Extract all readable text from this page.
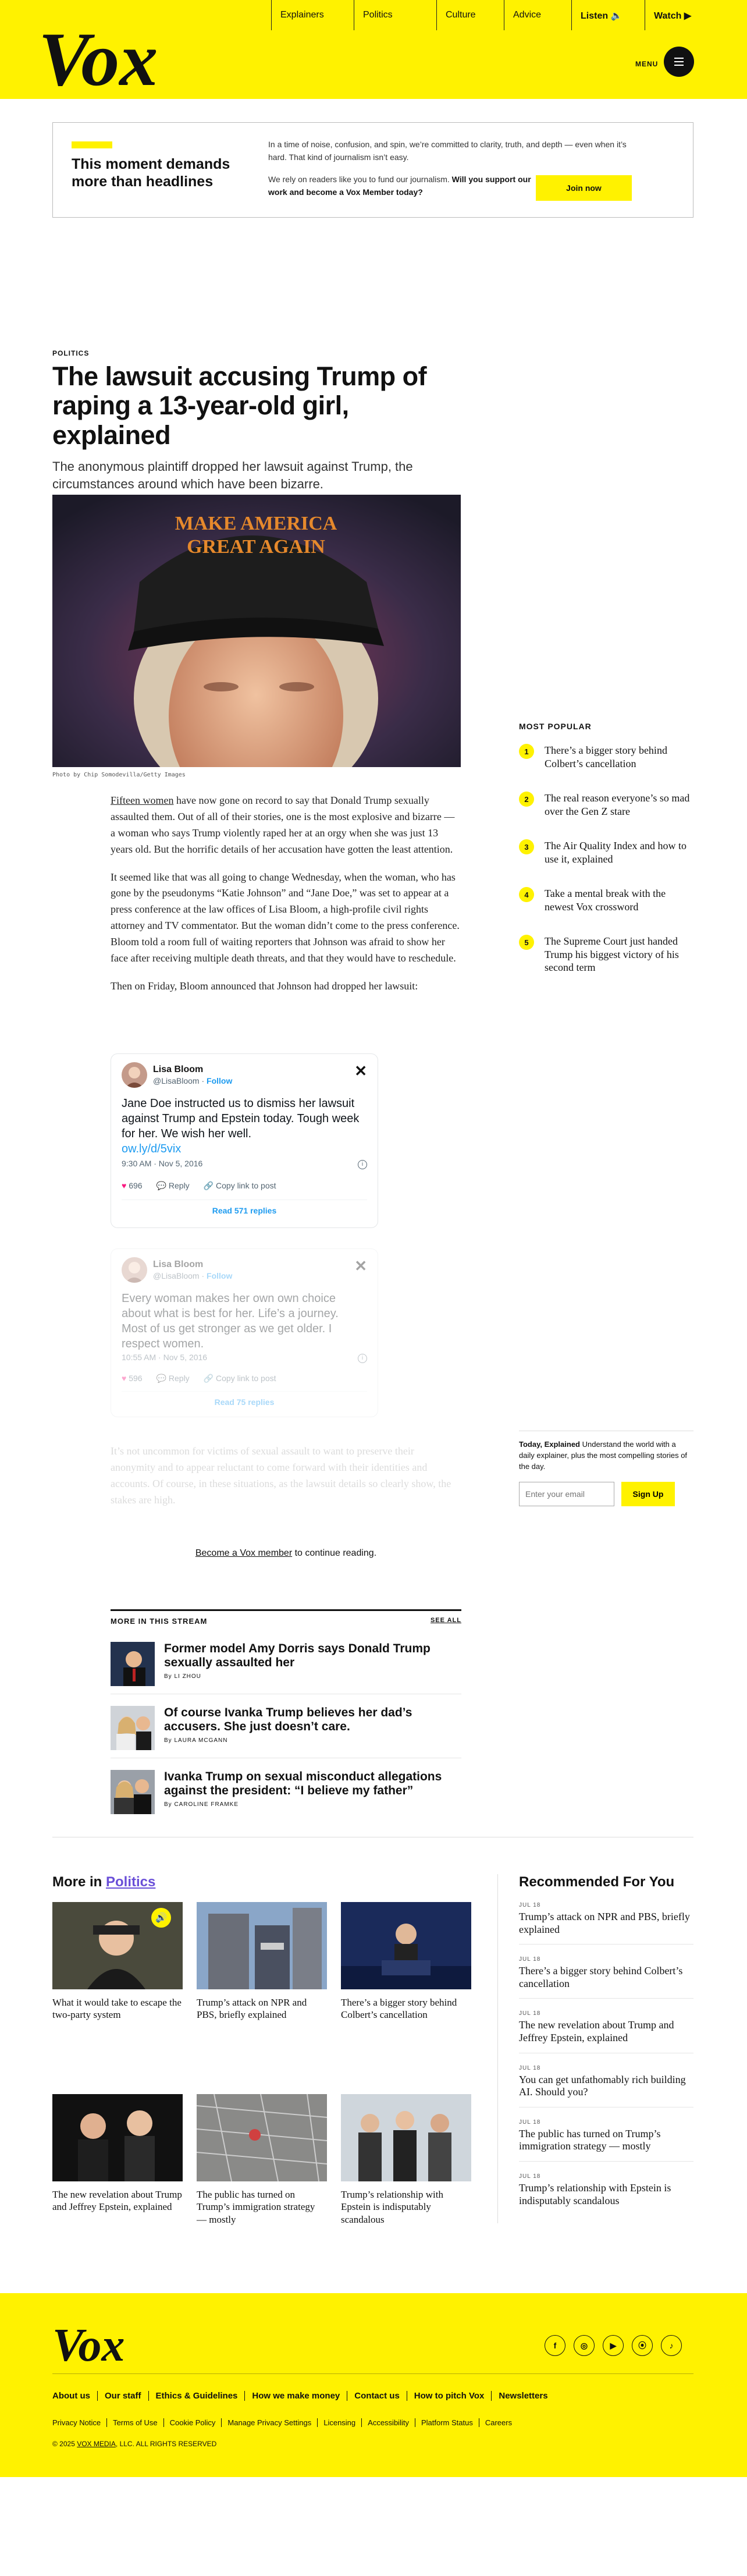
Explainers	Politics	Culture	Advice	Listen 🔈	Watch ▶
Vox	MENU
This moment demands more than headlines
In a time of noise, confusion, and spin, we’re committed to clarity, truth, and depth — even when it’s hard. That kind of journalism isn’t easy.
We rely on readers like you to fund our journalism. Will you support our work and become a Vox Member today?	Join now
POLITICS
The lawsuit accusing Trump of raping a 13-year-old girl, explained

The anonymous plaintiff dropped her lawsuit against Trump, the circumstances around which have been bizarre.

MAKE AMERICA
GREAT AGAIN
Photo by Chip Somodevilla/Getty Images

Fifteen women have now gone on record to say that Donald Trump sexually assaulted them. Out of all of their stories, one is the most explosive and bizarre — a woman who says Trump violently raped her at an orgy when she was just 13 years old. But the horrific details of her accusation have gotten the least attention.

It seemed like that was all going to change Wednesday, when the woman, who has gone by the pseudonyms “Katie Johnson” and “Jane Doe,” was set to appear at a press conference at the law offices of Lisa Bloom, a high-profile civil rights attorney and TV commentator. But the woman didn’t come to the press conference. Bloom told a room full of waiting reporters that Johnson was afraid to show her face after receiving multiple death threats, and that they would have to reschedule.

Then on Friday, Bloom announced that Johnson had dropped her lawsuit:

Lisa Bloom
@LisaBloom · Follow
✕
Jane Doe instructed us to dismiss her lawsuit against Trump and Epstein today. Tough week for her. We wish her well.
ow.ly/d/5vix
9:30 AM · Nov 5, 2016	i
♥ 696 💬 Reply 🔗 Copy link to post
Read 571 replies
Lisa Bloom
@LisaBloom · Follow
✕
Every woman makes her own own choice about what is best for her. Life’s a journey. Most of us get stronger as we get older. I respect women.
10:55 AM · Nov 5, 2016	i
♥ 596 💬 Reply 🔗 Copy link to post
Read 75 replies
It’s not uncommon for victims of sexual assault to want to preserve their anonymity and to appear reluctant to come forward with their identities and accounts. Of course, in these situations, as the lawsuit details so clearly show, the stakes are high.
Become a Vox member to continue reading.
MORE IN THIS STREAM	SEE ALL
Former model Amy Dorris says Donald Trump sexually assaulted her
By LI ZHOU
Of course Ivanka Trump believes her dad’s accusers. She just doesn’t care.
By LAURA MCGANN
Ivanka Trump on sexual misconduct allegations against the president: “I believe my father”
By CAROLINE FRAMKE
MOST POPULAR
1	There’s a bigger story behind Colbert’s cancellation
2	The real reason everyone’s so mad over the Gen Z stare
3	The Air Quality Index and how to use it, explained
4	Take a mental break with the newest Vox crossword
5	The Supreme Court just handed Trump his biggest victory of his second term
Today, Explained Understand the world with a daily explainer, plus the most compelling stories of the day.
Enter your email
Sign Up
More in Politics
🔊
What it would take to escape the two-party system
Trump’s attack on NPR and PBS, briefly explained
There’s a bigger story behind Colbert’s cancellation
The new revelation about Trump and Jeffrey Epstein, explained
The public has turned on Trump’s immigration strategy — mostly
Trump’s relationship with Epstein is indisputably scandalous
Recommended For You
JUL 18
Trump’s attack on NPR and PBS, briefly explained
JUL 18
There’s a bigger story behind Colbert’s cancellation
JUL 18
The new revelation about Trump and Jeffrey Epstein, explained
JUL 18
You can get unfathomably rich building AI. Should you?
JUL 18
The public has turned on Trump’s immigration strategy — mostly
JUL 18
Trump’s relationship with Epstein is indisputably scandalous
Vox	f	◎	▶	⦿	♪
About us	Our staff	Ethics & Guidelines	How we make money	Contact us	How to pitch Vox	Newsletters
Privacy Notice	Terms of Use	Cookie Policy	Manage Privacy Settings	Licensing	Accessibility	Platform Status	Careers
© 2025 VOX MEDIA, LLC. ALL RIGHTS RESERVED
